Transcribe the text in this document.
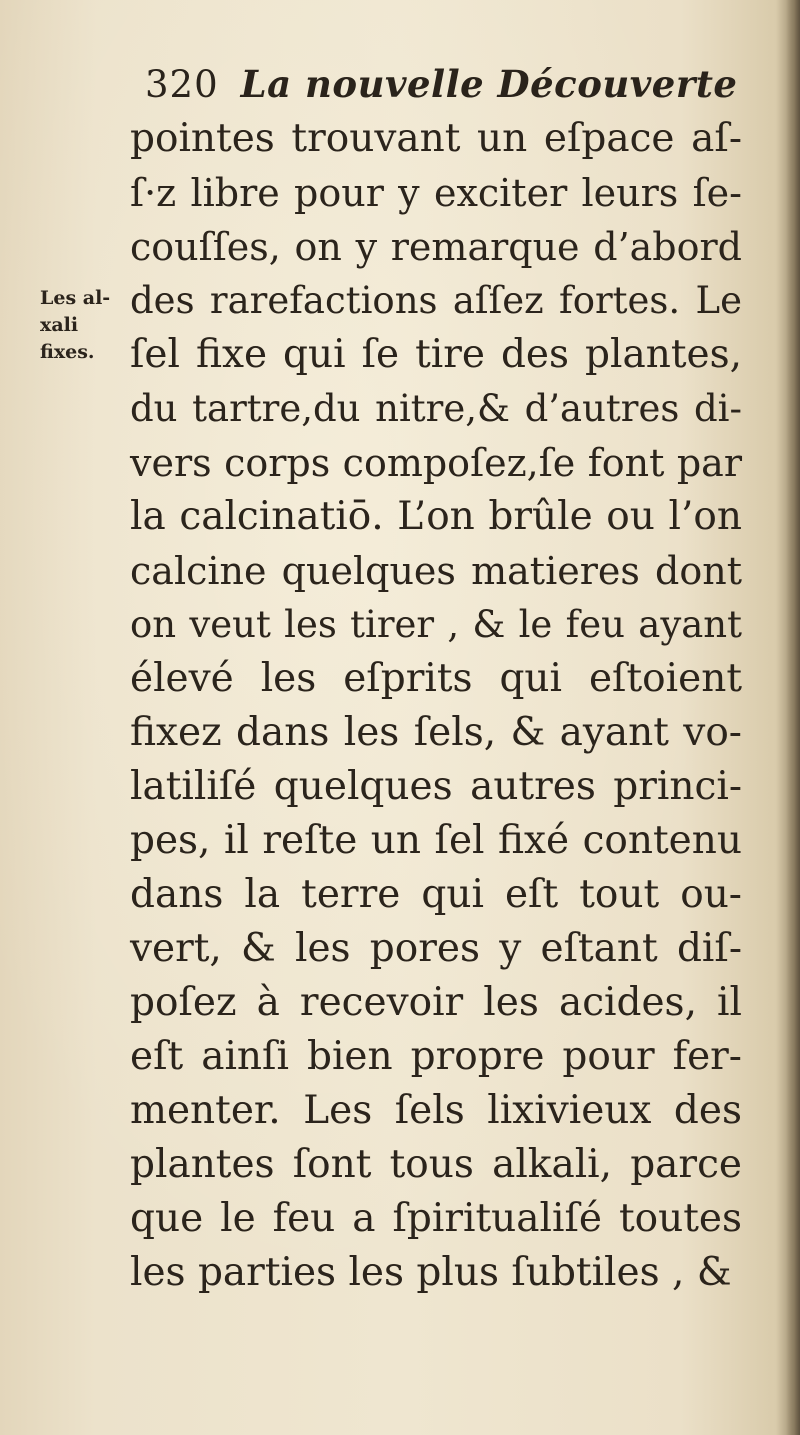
320 La nouvelle Découverte
Les al-
xali
fixes.
pointes trouvant un eſpace aſ-
ſ·z libre pour y exciter leurs ſe-
couſſes, on y remarque d’abord
des rarefactions aſſez fortes. Le
ſel fixe qui ſe tire des plantes,
du tartre,du nitre,& d’autres di-
vers corps compoſez,ſe font par
la calcinatiō. L’on brûle ou l’on
calcine quelques matieres dont
on veut les tirer , & le feu ayant
élevé les eſprits qui eſtoient
fixez dans les ſels, & ayant vo-
latiliſé quelques autres princi-
pes, il reſte un ſel fixé contenu
dans la terre qui eſt tout ou-
vert, & les pores y eſtant diſ-
poſez à recevoir les acides, il
eſt ainſi bien propre pour fer-
menter. Les ſels lixivieux des
plantes ſont tous alkali, parce
que le feu a ſpiritualiſé toutes
les parties les plus ſubtiles , &
